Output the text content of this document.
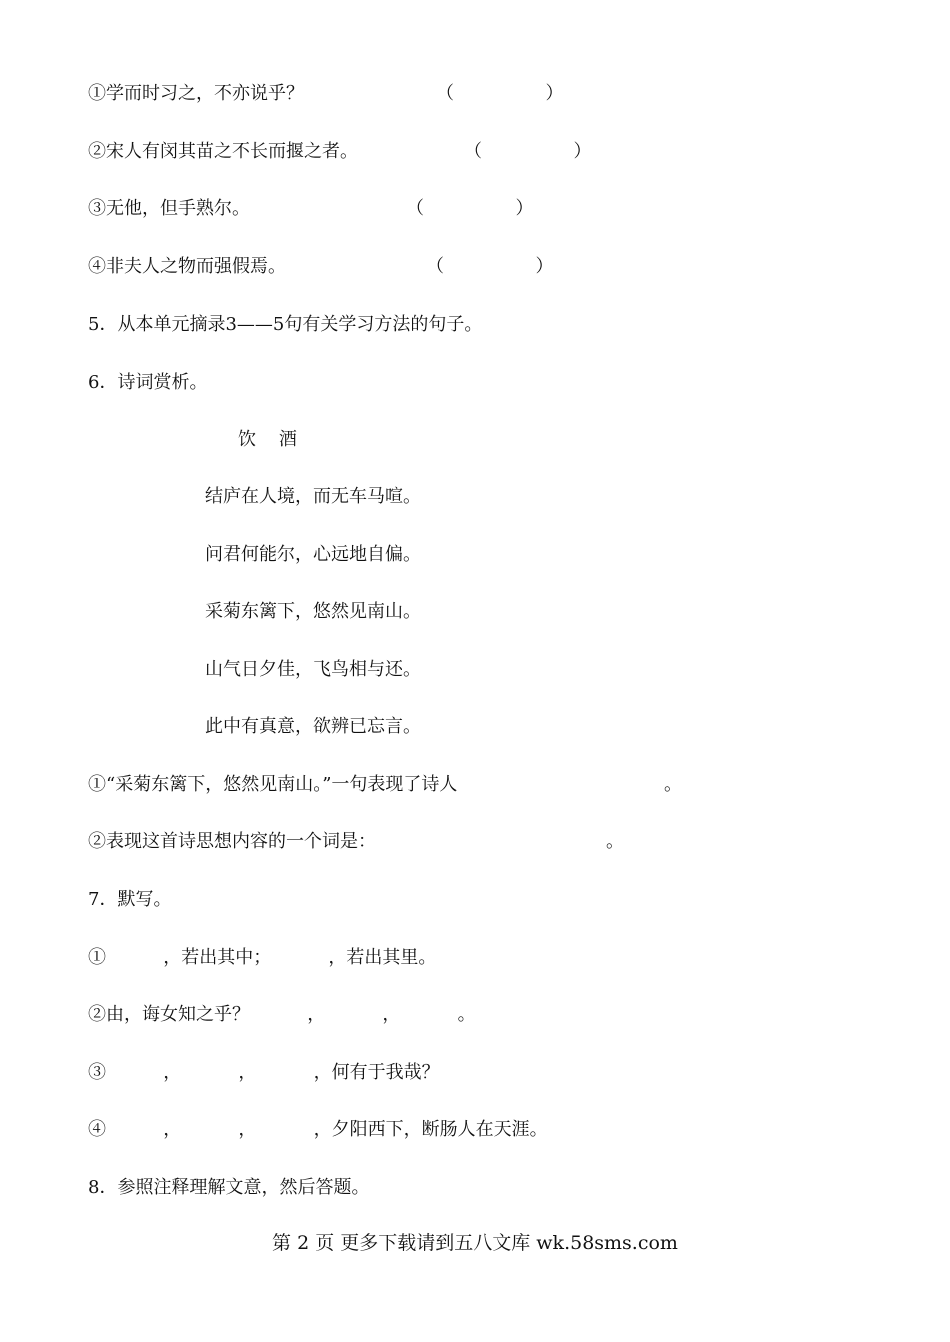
①学而时习之，不亦说乎？	（                ）
②宋人有闵其苗之不长而揠之者。	（                ）
③无他，但手熟尔。	（                ）
④非夫人之物而强假焉。	（                ）
5．从本单元摘录3——5句有关学习方法的句子。
6．诗词赏析。
饮    酒
结庐在人境，而无车马喧。
问君何能尔，心远地自偏。
采菊东篱下，悠然见南山。
山气日夕佳，飞鸟相与还。
此中有真意，欲辨已忘言。
①“采菊东篱下，悠然见南山。”一句表现了诗人	。
②表现这首诗思想内容的一个词是：	。
7．默写。
①          ，若出其中；          ，若出其里。
②由，诲女知之乎？          ，          ，          。
③          ，          ，          ，何有于我哉？
④          ，          ，          ，夕阳西下，断肠人在天涯。
8．参照注释理解文意，然后答题。
第 2 页 更多下载请到五八文库 wk.58sms.com
